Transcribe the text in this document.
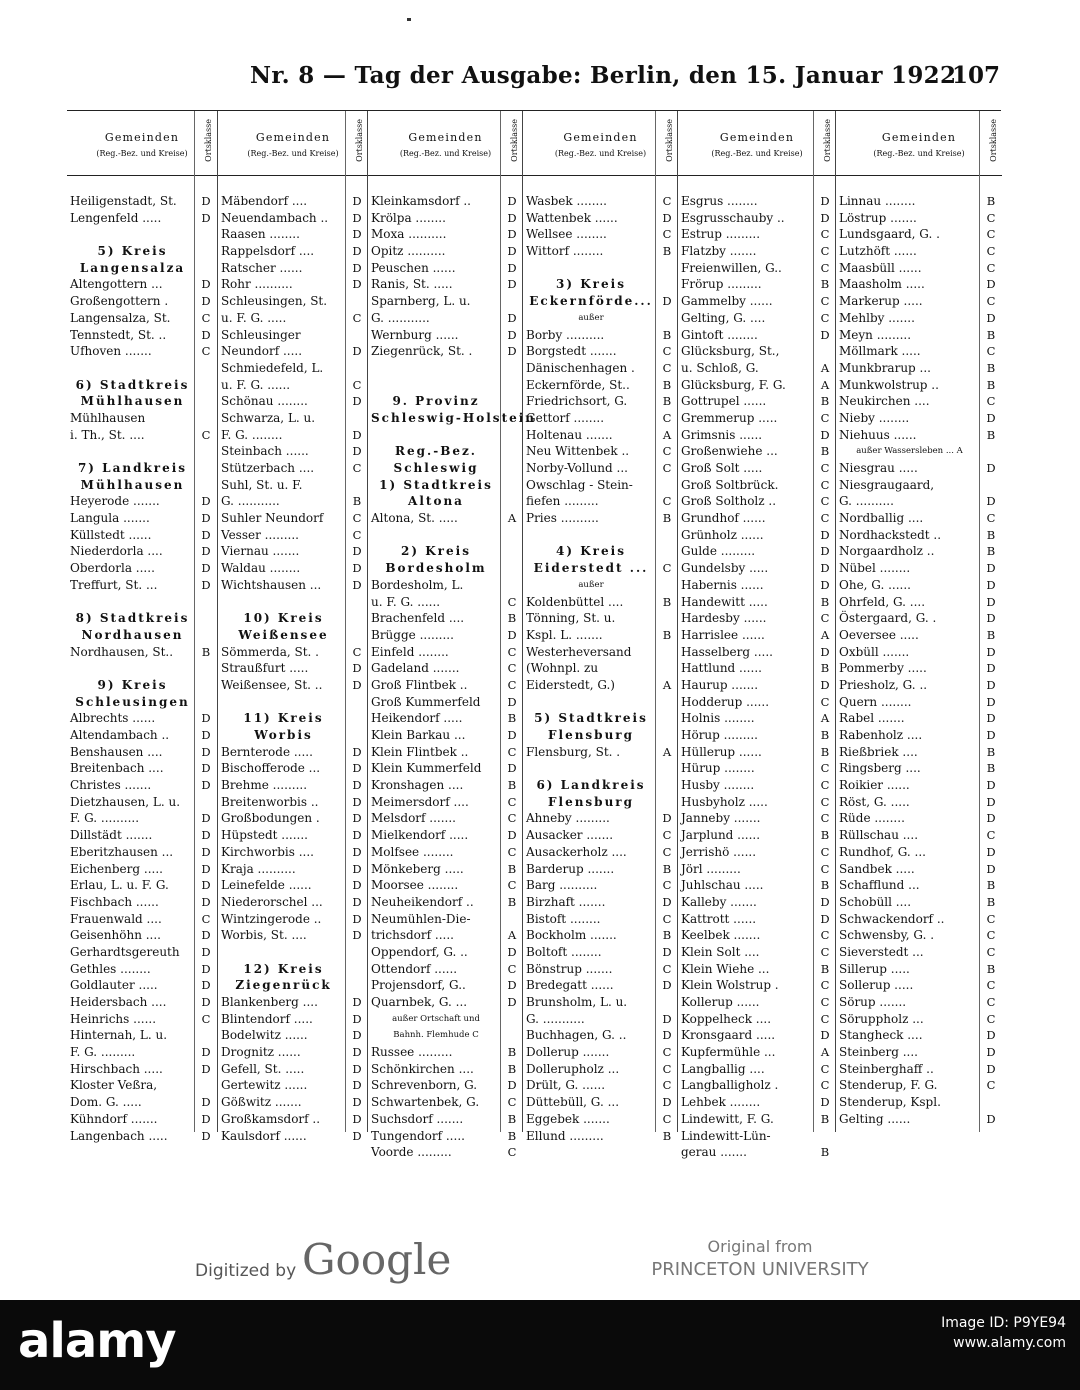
Nr. 8 — Tag der Ausgabe: Berlin, den 15. Januar 1922
107
Gemeinden
(Reg.-Bez. und Kreise)	Ortsklasse
Heiligenstadt, St. D
Lengenfeld .....	D
5) Kreis
Langensalza
Altengottern ...	D
Großengottern .	D
Langensalza, St.	C
Tennstedt, St. ..	D
Ufhoven .......	C
6) Stadtkreis
Mühlhausen
Mühlhausen
i. Th., St. ....	C
7) Landkreis
Mühlhausen
Heyerode .......	D
Langula .......	D
Küllstedt ......	D
Niederdorla ....	D
Oberdorla .....	D
Treffurt, St. ...	D
8) Stadtkreis
Nordhausen
Nordhausen, St..	B
9) Kreis
Schleusingen
Albrechts ......	D
Altendambach ..	D
Benshausen ....	D
Breitenbach ....	D
Christes .......	D
Dietzhausen, L. u.
F. G. ..........	D
Dillstädt .......	D
Eberitzhausen ... D
Eichenberg .....	D
Erlau, L. u. F. G.	D
Fischbach ......	D
Frauenwald ....	C
Geisenhöhn ....	D
Gerhardtsgereuth D
Gethles ........	D
Goldlauter .....	D
Heidersbach ....	D
Heinrichs ......	C
Hinternah, L. u.
F. G. .........	D
Hirschbach .....	D
Kloster Veßra,
Dom. G. .....	D
Kühndorf .......	D
Langenbach .....	D
Gemeinden
(Reg.-Bez. und Kreise)	Ortsklasse
Mäbendorf ....	D
Neuendambach .. D
Raasen ........	D
Rappelsdorf ....	D
Ratscher ......	D
Rohr ..........	D
Schleusingen, St.
u. F. G. .....	C
Schleusinger
Neundorf .....	D
Schmiedefeld, L.
u. F. G. ......	C
Schönau ........	D
Schwarza, L. u.
F. G. ........	D
Steinbach ......	D
Stützerbach ....	C
Suhl, St. u. F.
G. ...........	B
Suhler Neundorf	C
Vesser .........	C
Viernau .......	D
Waldau ........	D
Wichtshausen ...	D
10) Kreis
Weißensee
Sömmerda, St. .	C
Straußfurt .....	D
Weißensee, St. ..	D
11) Kreis
Worbis
Bernterode .....	D
Bischofferode ...	D
Brehme .........	D
Breitenworbis ..	D
Großbodungen .	D
Hüpstedt .......	D
Kirchworbis ....	D
Kraja ..........	D
Leinefelde ......	D
Niederorschel ...	D
Wintzingerode ..	D
Worbis, St. ....	D
12) Kreis
Ziegenrück
Blankenberg ....	D
Blintendorf .....	D
Bodelwitz ......	D
Drognitz ......	D
Gefell, St. .....	D
Gertewitz ......	D
Gößwitz .......	D
Großkamsdorf ..	D
Kaulsdorf ......	D
Gemeinden
(Reg.-Bez. und Kreise)	Ortsklasse
Kleinkamsdorf ..	D
Krölpa ........	D
Moxa ..........	D
Opitz ..........	D
Peuschen ......	D
Ranis, St. .....	D
Sparnberg, L. u.
G. ...........	D
Wernburg ......	D
Ziegenrück, St. .	D
9. Provinz
Schleswig-Holstein
Reg.-Bez.
Schleswig
1) Stadtkreis
Altona
Altona, St. .....	A
2) Kreis
Bordesholm
Bordesholm, L.
u. F. G. ......	C
Brachenfeld ....	B
Brügge .........	D
Einfeld ........	C
Gadeland .......	C
Groß Flintbek ..	C
Groß Kummerfeld D
Heikendorf .....	B
Klein Barkau ...	D
Klein Flintbek ..	C
Klein Kummerfeld D
Kronshagen ....	B
Meimersdorf ....	C
Melsdorf .......	C
Mielkendorf .....	D
Molfsee ........	C
Mönkeberg .....	B
Moorsee ........	C
Neuheikendorf ..	B
Neumühlen-Die-
trichsdorf .....	A
Oppendorf, G. ..	D
Ottendorf ......	C
Projensdorf, G..	D
Quarnbek, G. ...	D
außer Ortschaft und
Bahnh. Flemhude C
Russee .........	B
Schönkirchen ....	B
Schrevenborn, G.	D
Schwartenbek, G.	C
Suchsdorf .......	B
Tungendorf .....	B
Voorde .........	C
Gemeinden
(Reg.-Bez. und Kreise)	Ortsklasse
Wasbek ........	C
Wattenbek ......	D
Wellsee ........	C
Wittorf ........	B
3) Kreis
Eckernförde... D
außer
Borby ..........	B
Borgstedt .......	C
Dänischenhagen .	C
Eckernförde, St..	B
Friedrichsort, G.	B
Gettorf ........	C
Holtenau .......	A
Neu Wittenbek ..	C
Norby-Vollund ...	C
Owschlag - Stein-
fiefen .........	C
Pries ..........	B
4) Kreis
Eiderstedt ...	C
außer
Koldenbüttel ....	B
Tönning, St. u.
Kspl. L. .......	B
Westerheversand
(Wohnpl. zu
Eiderstedt, G.)	A
5) Stadtkreis
Flensburg
Flensburg, St. .	A
6) Landkreis
Flensburg
Ahneby .........	D
Ausacker .......	C
Ausackerholz ....	C
Barderup .......	B
Barg ..........	C
Birzhaft .......	D
Bistoft ........	C
Bockholm .......	B
Boltoft ........	D
Bönstrup .......	C
Bredegatt ......	D
Brunsholm, L. u.
G. ...........	D
Buchhagen, G. ..	D
Dollerup .......	C
Dollerupholz ...	C
Drült, G. ......	C
Düttebüll, G. ...	D
Eggebek .......	C
Ellund .........	B
Gemeinden
(Reg.-Bez. und Kreise)	Ortsklasse
Esgrus ........	D
Esgrusschauby ..	D
Estrup .........	C
Flatzby .......	C
Freienwillen, G..	C
Frörup .........	B
Gammelby ......	C
Gelting, G. ....	C
Gintoft ........	D
Glücksburg, St.,
u. Schloß, G.	A
Glücksburg, F. G.	A
Gottrupel ......	B
Gremmerup .....	C
Grimsnis ......	D
Großenwiehe ...	B
Groß Solt .....	C
Groß Soltbrück.	C
Groß Soltholz ..	C
Grundhof ......	C
Grünholz ......	D
Gulde .........	D
Gundelsby .....	D
Habernis ......	D
Handewitt .....	B
Hardesby ......	C
Harrislee ......	A
Hasselberg .....	D
Hattlund ......	B
Haurup .......	D
Hodderup ......	C
Holnis ........	A
Hörup .........	B
Hüllerup ......	B
Hürup ........	C
Husby ........	C
Husbyholz .....	C
Janneby .......	C
Jarplund ......	B
Jerrishö ......	C
Jörl .........	C
Juhlschau .....	B
Kalleby .......	D
Kattrott ......	D
Keelbek .......	C
Klein Solt ....	C
Klein Wiehe ...	B
Klein Wolstrup .	C
Kollerup ......	C
Koppelheck ....	C
Kronsgaard .....	D
Kupfermühle ...	A
Langballig ....	C
Langballigholz .	C
Lehbek ........	D
Lindewitt, F. G.	B
Lindewitt-Lün-
gerau .......	B
Gemeinden
(Reg.-Bez. und Kreise)	Ortsklasse
Linnau ........	B
Löstrup .......	C
Lundsgaard, G. .	C
Lutzhöft ......	C
Maasbüll ......	C
Maasholm .....	D
Markerup .....	C
Mehlby .......	D
Meyn .........	B
Möllmark .....	C
Munkbrarup ...	B
Munkwolstrup ..	B
Neukirchen ....	C
Nieby ........	D
Niehuus ......	B
außer Wassersleben ... A
Niesgrau .....	D
Niesgraugaard,
G. ..........	D
Nordballig ....	C
Nordhackstedt ..	B
Norgaardholz ..	B
Nübel ........	D
Ohe, G. ......	D
Ohrfeld, G. ....	D
Östergaard, G. .	D
Oeversee .....	B
Oxbüll .......	D
Pommerby .....	D
Priesholz, G. ..	D
Quern ........	D
Rabel .......	D
Rabenholz ....	D
Rießbriek ....	B
Ringsberg ....	B
Roikier ......	D
Röst, G. .....	D
Rüde ........	D
Rüllschau ....	C
Rundhof, G. ...	D
Sandbek .....	D
Schafflund ...	B
Schobüll ....	B
Schwackendorf ..	C
Schwensby, G. .	C
Sieverstedt ...	C
Sillerup .....	B
Sollerup .....	C
Sörup .......	C
Söruppholz ...	C
Stangheck ....	D
Steinberg ....	D
Steinberghaff ..	D
Stenderup, F. G.	C
Stenderup, Kspl.
Gelting ......	D
Digitized by Google	Original from
PRINCETON UNIVERSITY
alamy	Image ID: P9YE94
www.alamy.com
